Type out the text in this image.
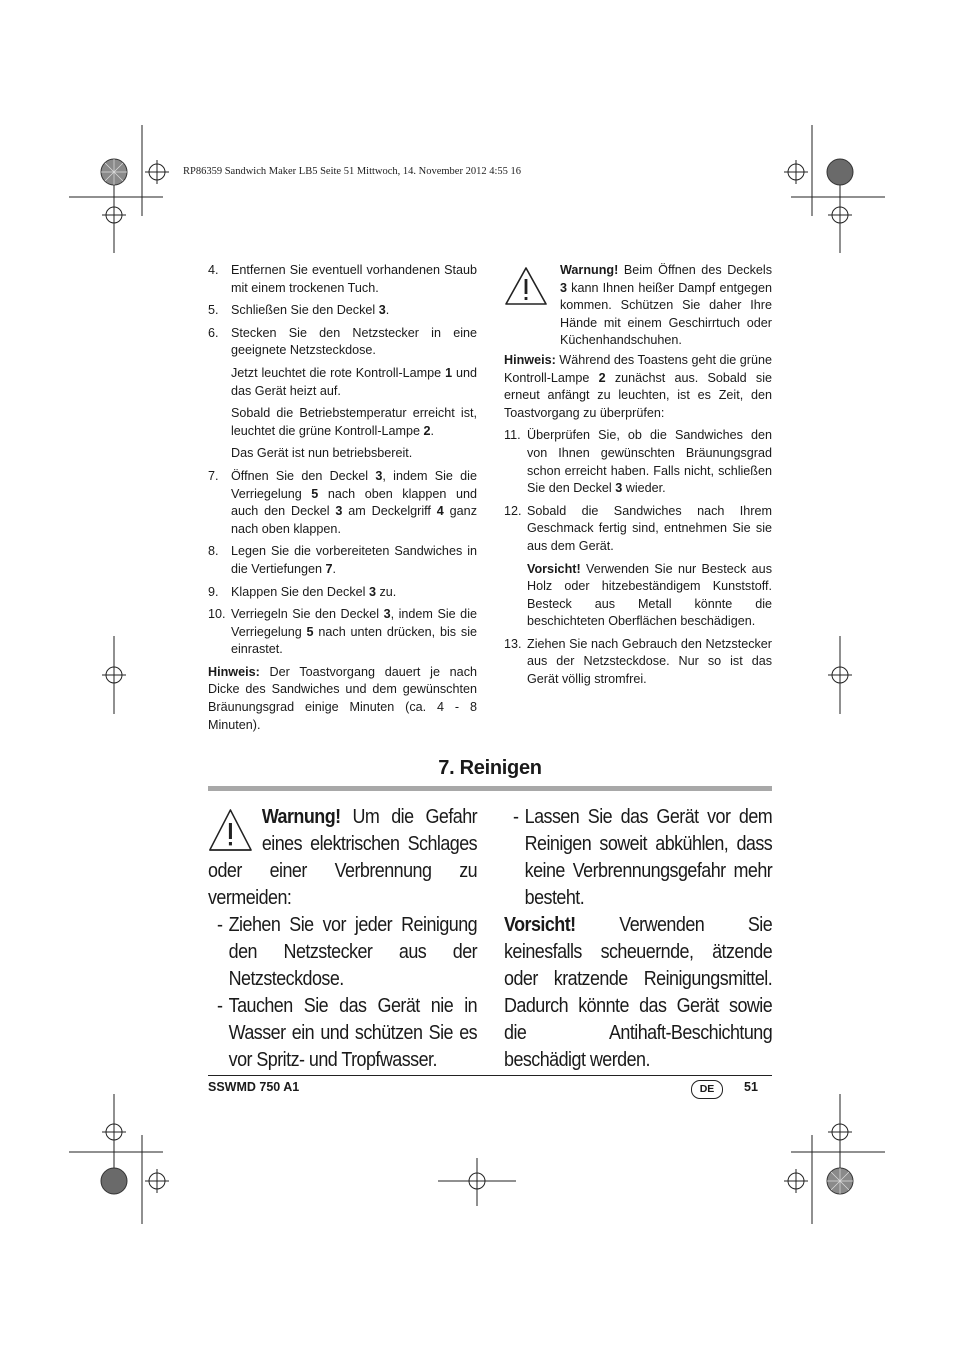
RP86359 Sandwich Maker LB5 Seite 51 Mittwoch, 14. November 2012 4:55 16

4. Entfernen Sie eventuell vorhandenen Staub mit einem trockenen Tuch.

5. Schließen Sie den Deckel 3.

6. Stecken Sie den Netzstecker in eine geeignete Netzsteckdose.

Jetzt leuchtet die rote Kontroll-Lampe 1 und das Gerät heizt auf.

Sobald die Betriebstemperatur erreicht ist, leuchtet die grüne Kontroll-Lampe 2.

Das Gerät ist nun betriebsbereit.

7. Öffnen Sie den Deckel 3, indem Sie die Verriegelung 5 nach oben klappen und auch den Deckel 3 am Deckelgriff 4 ganz nach oben klappen.

8. Legen Sie die vorbereiteten Sandwiches in die Vertiefungen 7.

9. Klappen Sie den Deckel 3 zu.

10. Verriegeln Sie den Deckel 3, indem Sie die Verriegelung 5 nach unten drücken, bis sie einrastet.

Hinweis: Der Toastvorgang dauert je nach Dicke des Sandwiches und dem gewünschten Bräunungsgrad einige Minuten (ca. 4 - 8 Minuten).

Warnung! Beim Öffnen des Deckels 3 kann Ihnen heißer Dampf entgegen kommen. Schützen Sie daher Ihre Hände mit einem Geschirrtuch oder Küchenhandschuhen.

Hinweis: Während des Toastens geht die grüne Kontroll-Lampe 2 zunächst aus. Sobald sie erneut anfängt zu leuchten, ist es Zeit, den Toastvorgang zu überprüfen:

11. Überprüfen Sie, ob die Sandwiches den von Ihnen gewünschten Bräunungsgrad schon erreicht haben. Falls nicht, schließen Sie den Deckel 3 wieder.

12. Sobald die Sandwiches nach Ihrem Geschmack fertig sind, entnehmen Sie sie aus dem Gerät.

Vorsicht! Verwenden Sie nur Besteck aus Holz oder hitzebeständigem Kunststoff. Besteck aus Metall könnte die beschichteten Oberflächen beschädigen.

13. Ziehen Sie nach Gebrauch den Netzstecker aus der Netzsteckdose. Nur so ist das Gerät völlig stromfrei.

7. Reinigen

Warnung! Um die Gefahr eines elektrischen Schlages oder einer Verbrennung zu vermeiden:

- Ziehen Sie vor jeder Reinigung den Netzstecker aus der Netzsteckdose.

- Tauchen Sie das Gerät nie in Wasser ein und schützen Sie es vor Spritz- und Tropfwasser.

- Lassen Sie das Gerät vor dem Reinigen soweit abkühlen, dass keine Verbrennungsgefahr mehr besteht.

Vorsicht! Verwenden Sie keinesfalls scheuernde, ätzende oder kratzende Reinigungsmittel. Dadurch könnte das Gerät sowie die Antihaft-Beschichtung beschädigt werden.

SSWMD 750 A1	DE	51
